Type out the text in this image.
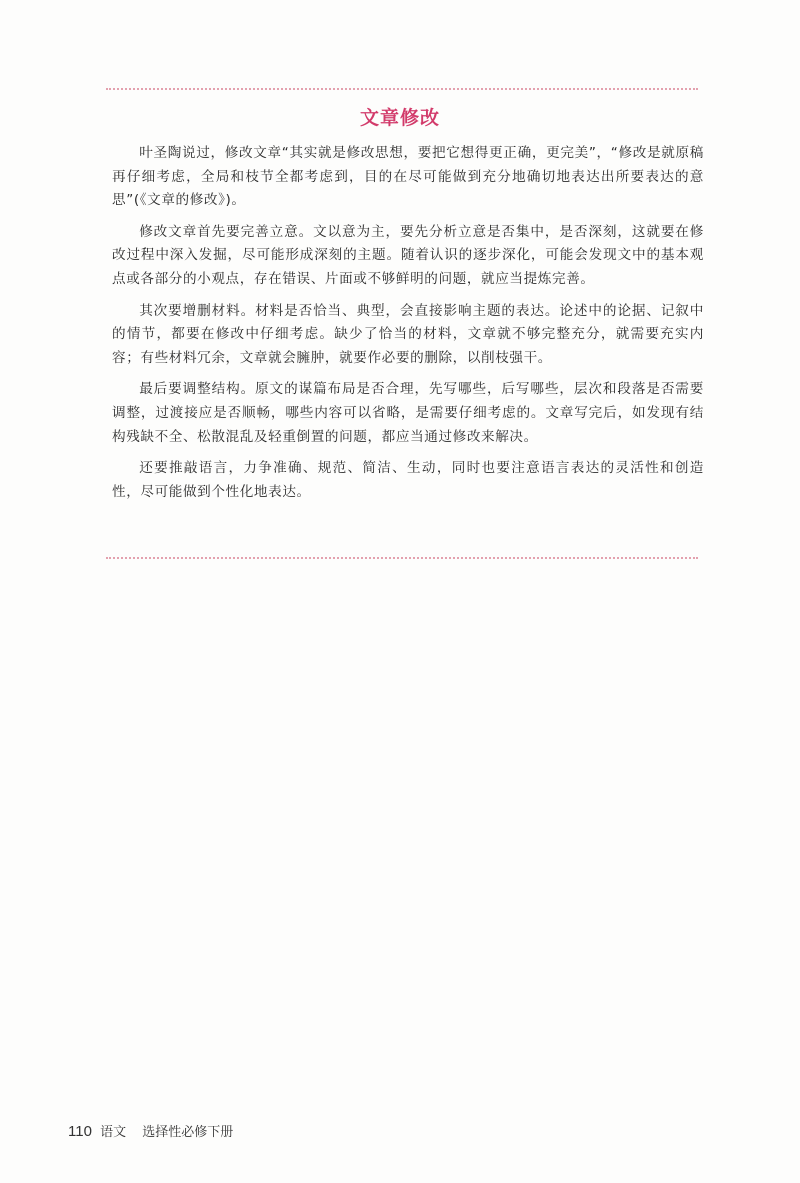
文章修改

叶圣陶说过，修改文章“其实就是修改思想，要把它想得更正确，更完美”，“修改是就原稿再仔细考虑，全局和枝节全都考虑到，目的在尽可能做到充分地确切地表达出所要表达的意思”(《文章的修改》)。

修改文章首先要完善立意。文以意为主，要先分析立意是否集中，是否深刻，这就要在修改过程中深入发掘，尽可能形成深刻的主题。随着认识的逐步深化，可能会发现文中的基本观点或各部分的小观点，存在错误、片面或不够鲜明的问题，就应当提炼完善。

其次要增删材料。材料是否恰当、典型，会直接影响主题的表达。论述中的论据、记叙中的情节，都要在修改中仔细考虑。缺少了恰当的材料，文章就不够完整充分，就需要充实内容；有些材料冗余，文章就会臃肿，就要作必要的删除，以削枝强干。

最后要调整结构。原文的谋篇布局是否合理，先写哪些，后写哪些，层次和段落是否需要调整，过渡接应是否顺畅，哪些内容可以省略，是需要仔细考虑的。文章写完后，如发现有结构残缺不全、松散混乱及轻重倒置的问题，都应当通过修改来解决。

还要推敲语言，力争准确、规范、简洁、生动，同时也要注意语言表达的灵活性和创造性，尽可能做到个性化地表达。

110 语文 选择性必修下册
